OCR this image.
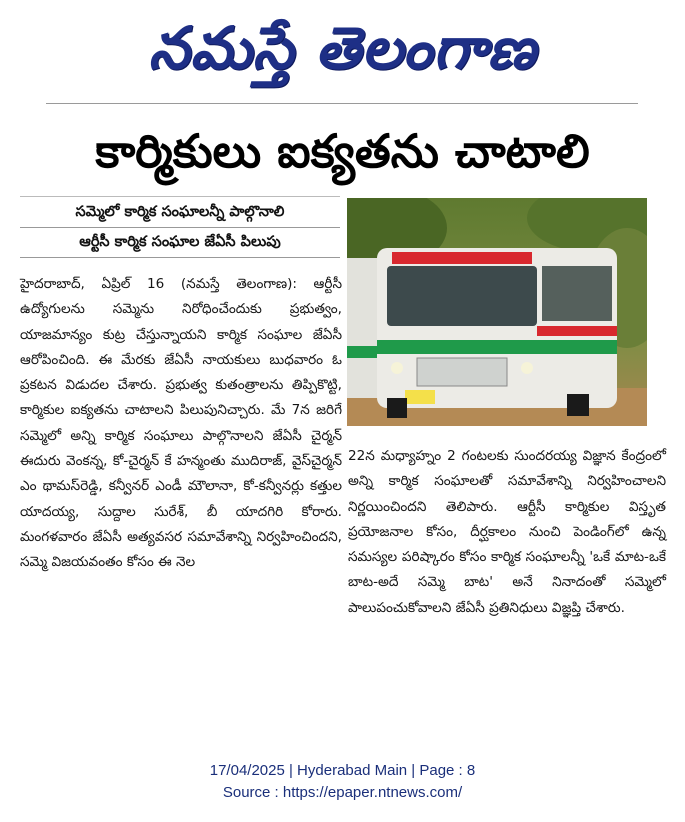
నమస్తే తెలంగాణ
కార్మికులు ఐక్యతను చాటాలి
సమ్మెలో కార్మిక సంఘాలన్నీ పాల్గొనాలి
ఆర్టీసీ కార్మిక సంఘాల జేఏసీ పిలుపు

హైదరాబాద్, ఏప్రిల్ 16 (నమస్తే తెలంగాణ): ఆర్టీసీ ఉద్యోగులను సమ్మెను నిరోధించేందుకు ప్రభుత్వం, యాజమాన్యం కుట్ర చేస్తున్నాయని కార్మిక సంఘాల జేఏసీ ఆరోపించింది. ఈ మేరకు జేఏసీ నాయకులు బుధవారం ఓ ప్రకటన విడుదల చేశారు. ప్రభుత్వ కుతంత్రాలను తిప్పికొట్టి, కార్మికుల ఐక్యతను చాటాలని పిలుపునిచ్చారు. మే 7న జరిగే సమ్మెలో అన్ని కార్మిక సంఘాలు పాల్గొనాలని జేఏసీ చైర్మన్ ఈదురు వెంకన్న, కో-చైర్మన్ కే హన్మంతు ముదిరాజ్, వైస్‌చైర్మన్ ఎం థామస్‌రెడ్డి, కన్వీనర్ ఎండీ మౌలానా, కో-కన్వీనర్లు కత్తుల యాదయ్య, సుద్దాల సురేశ్, బీ యాదగిరి కోరారు. మంగళవారం జేఏసీ అత్యవసర సమావేశాన్ని నిర్వహించిందని, సమ్మె విజయవంతం కోసం ఈ నెల

22న మధ్యాహ్నం 2 గంటలకు సుందరయ్య విజ్ఞాన కేంద్రంలో అన్ని కార్మిక సంఘాలతో సమావేశాన్ని నిర్వహించాలని నిర్ణయించిందని తెలిపారు. ఆర్టీసీ కార్మికుల విస్తృత ప్రయోజనాల కోసం, దీర్ఘకాలం నుంచి పెండింగ్‌లో ఉన్న సమస్యల పరిష్కారం కోసం కార్మిక సంఘాలన్నీ 'ఒకే మాట-ఒకే బాట-అదే సమ్మె బాట' అనే నినాదంతో సమ్మెలో పాలుపంచుకోవాలని జేఏసీ ప్రతినిధులు విజ్ఞప్తి చేశారు.

17/04/2025 | Hyderabad Main | Page : 8
Source : https://epaper.ntnews.com/
